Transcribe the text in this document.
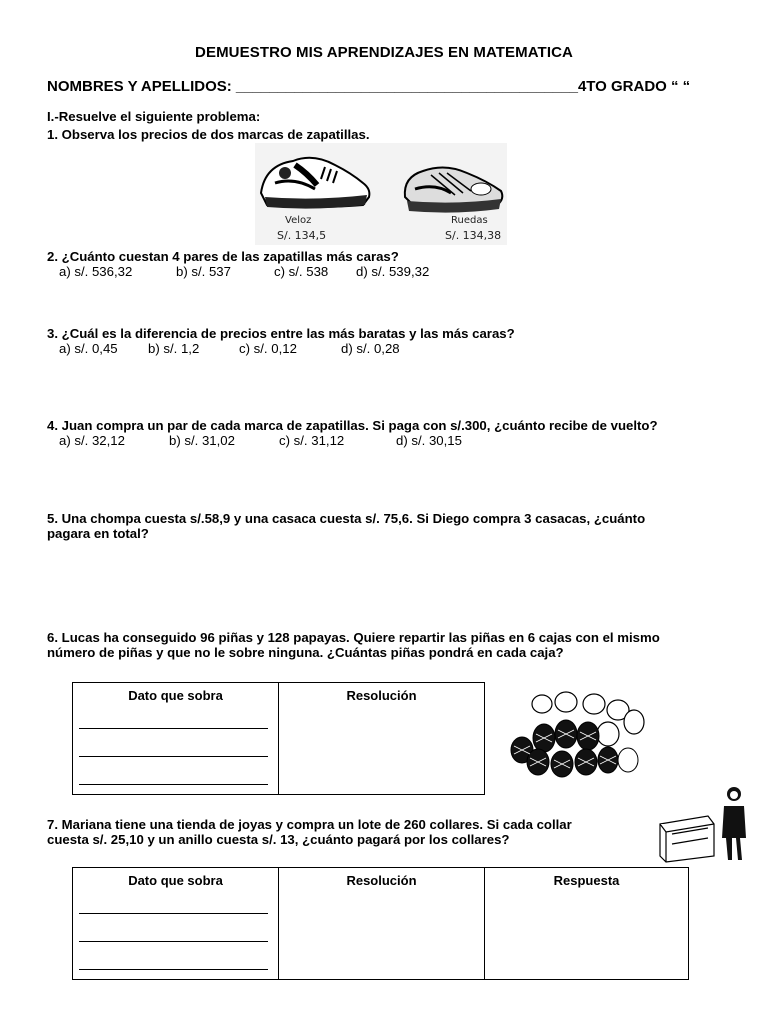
DEMUESTRO MIS APRENDIZAJES EN MATEMATICA
NOMBRES Y APELLIDOS: _________________________________________4TO GRADO “ “
I.-Resuelve el siguiente problema:
1. Observa los precios de dos marcas de zapatillas.
Veloz
S/. 134,5
Ruedas
S/. 134,38
2. ¿Cuánto cuestan 4 pares de las zapatillas más caras?
a) s/. 536,32	b) s/. 537	c) s/. 538 d) s/. 539,32
3. ¿Cuál es la diferencia de precios entre las más baratas y las más caras?
a) s/. 0,45 b) s/. 1,2	c) s/. 0,12	d) s/. 0,28
4. Juan compra un par de cada marca de zapatillas. Si paga con s/.300, ¿cuánto recibe de vuelto?
a) s/. 32,12	b) s/. 31,02	c) s/. 31,12	d) s/. 30,15
5. Una chompa cuesta s/.58,9 y una casaca cuesta s/. 75,6. Si Diego compra 3 casacas, ¿cuánto
pagara en total?
6. Lucas ha conseguido 96 piñas y 128 papayas. Quiere repartir las piñas en 6 cajas con el mismo
número de piñas y que no le sobre ninguna. ¿Cuántas piñas pondrá en cada caja?
Dato que sobra	Resolución
7. Mariana tiene una tienda de joyas y compra un lote de 260 collares. Si cada collar
cuesta s/. 25,10 y un anillo cuesta s/. 13, ¿cuánto pagará por los collares?
Dato que sobra	Resolución	Respuesta
